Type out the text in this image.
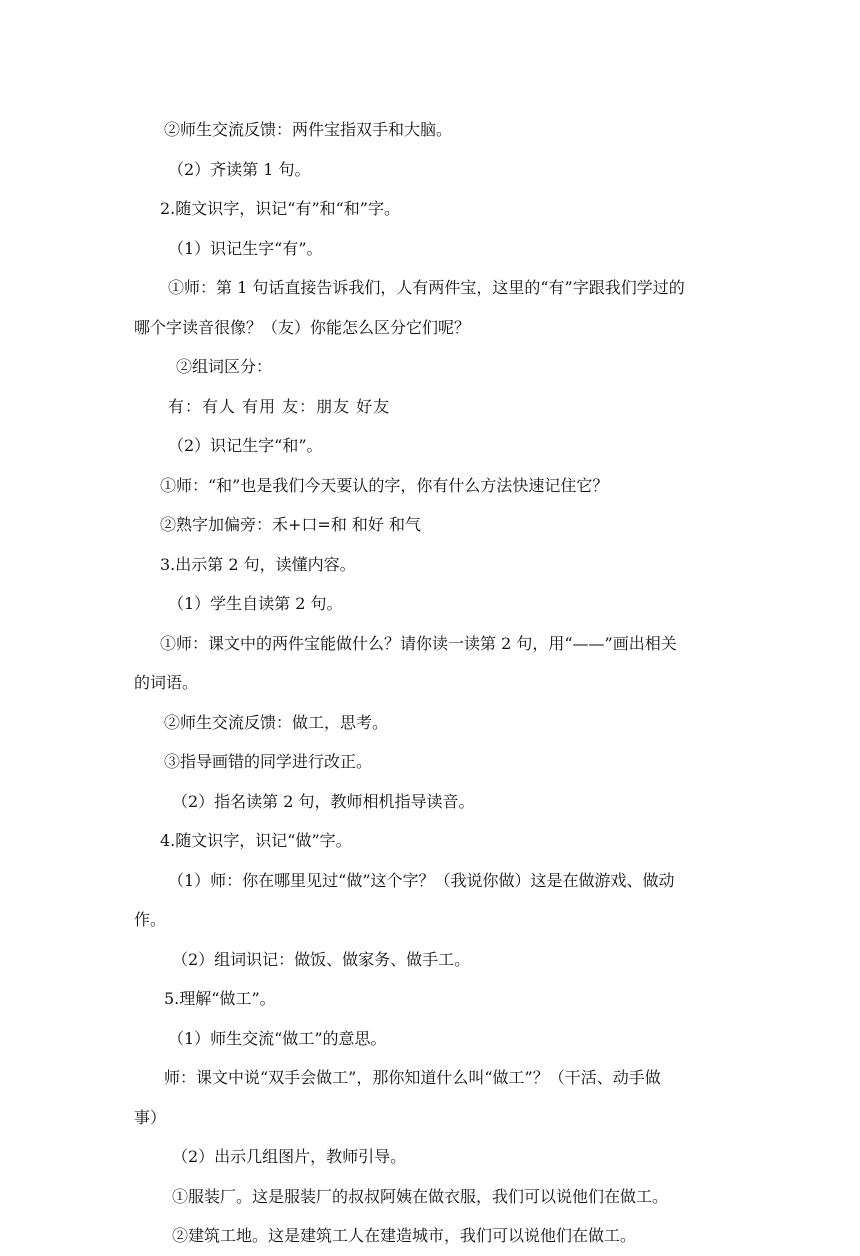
②师生交流反馈：两件宝指双手和大脑。

（2）齐读第 1 句。

2.随文识字，识记“有”和“和”字。

（1）识记生字“有”。

①师：第 1 句话直接告诉我们，人有两件宝，这里的“有”字跟我们学过的

哪个字读音很像？（友）你能怎么区分它们呢？

②组词区分：

有：有人 有用 友：朋友 好友

（2）识记生字“和”。

①师：“和”也是我们今天要认的字，你有什么方法快速记住它？

②熟字加偏旁：禾+口=和 和好 和气

3.出示第 2 句，读懂内容。

（1）学生自读第 2 句。

①师：课文中的两件宝能做什么？请你读一读第 2 句，用“——”画出相关

的词语。

②师生交流反馈：做工，思考。

③指导画错的同学进行改正。

（2）指名读第 2 句，教师相机指导读音。

4.随文识字，识记“做”字。

（1）师：你在哪里见过“做”这个字？（我说你做）这是在做游戏、做动

作。

（2）组词识记：做饭、做家务、做手工。

5.理解“做工”。

（1）师生交流“做工”的意思。

师：课文中说“双手会做工”，那你知道什么叫“做工”？（干活、动手做

事）

（2）出示几组图片，教师引导。

①服装厂。这是服装厂的叔叔阿姨在做衣服，我们可以说他们在做工。

②建筑工地。这是建筑工人在建造城市，我们可以说他们在做工。
